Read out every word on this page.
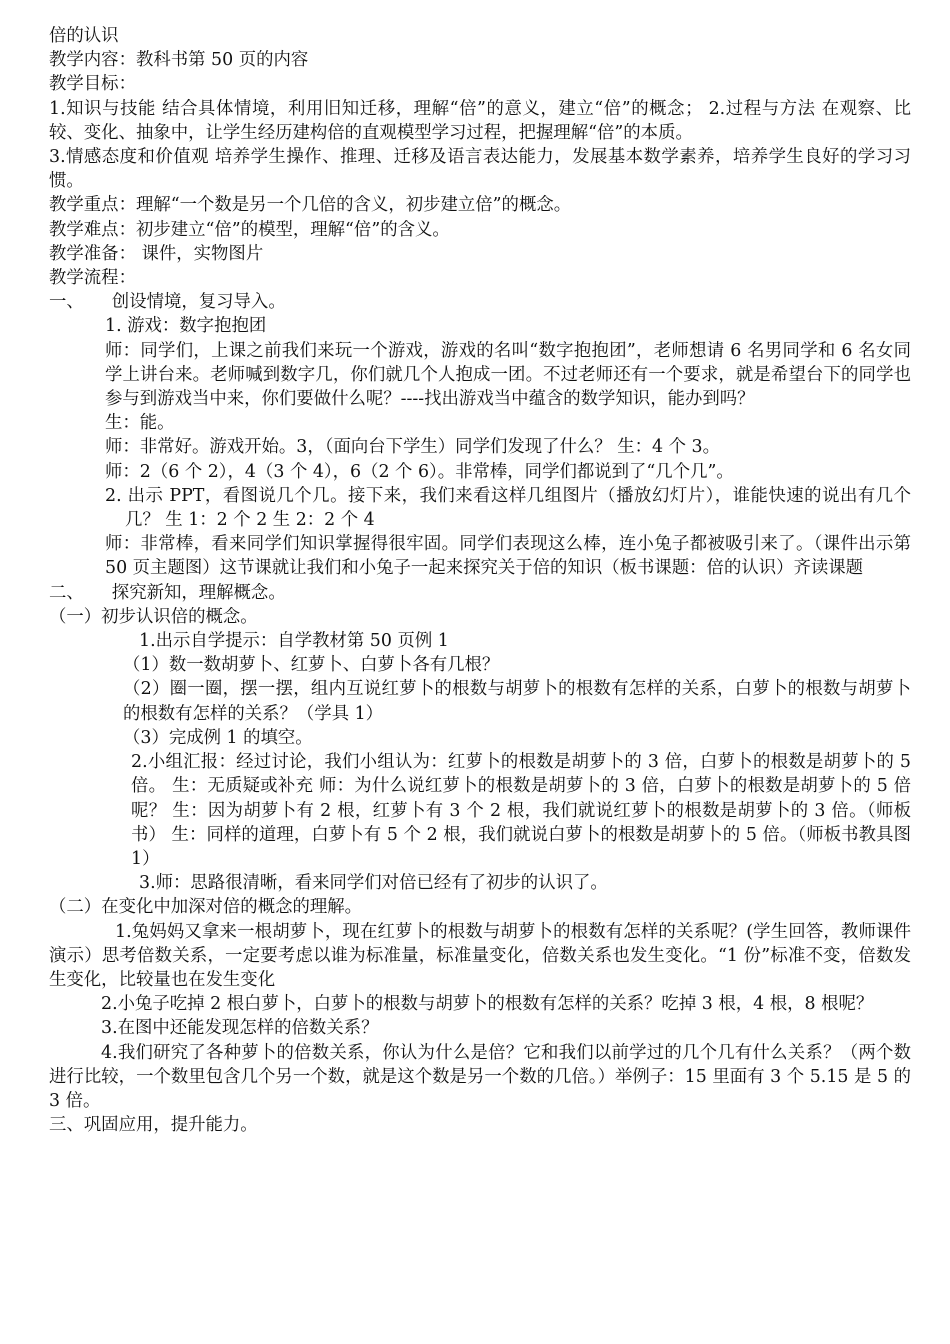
倍的认识

教学内容：教科书第 50 页的内容

教学目标：

1.知识与技能 结合具体情境，利用旧知迁移，理解“倍”的意义，建立“倍”的概念； 2.过程与方法 在观察、比较、变化、抽象中，让学生经历建构倍的直观模型学习过程，把握理解“倍”的本质。

3.情感态度和价值观 培养学生操作、推理、迁移及语言表达能力，发展基本数学素养，培养学生良好的学习习惯。

教学重点：理解“一个数是另一个几倍的含义，初步建立倍”的概念。

教学难点：初步建立“倍”的模型，理解“倍”的含义。

教学准备： 课件，实物图片

教学流程：

一、 创设情境，复习导入。

1. 游戏：数字抱抱团

师：同学们，上课之前我们来玩一个游戏，游戏的名叫“数字抱抱团”，老师想请 6 名男同学和 6 名女同学上讲台来。老师喊到数字几，你们就几个人抱成一团。不过老师还有一个要求，就是希望台下的同学也参与到游戏当中来，你们要做什么呢？----找出游戏当中蕴含的数学知识，能办到吗？

生：能。

师：非常好。游戏开始。3，（面向台下学生）同学们发现了什么？ 生：4 个 3。

师：2（6 个 2），4（3 个 4），6（2 个 6）。非常棒，同学们都说到了“几个几”。

2. 出示 PPT，看图说几个几。接下来，我们来看这样几组图片（播放幻灯片），谁能快速的说出有几个几？ 生 1：2 个 2 生 2：2 个 4

师：非常棒，看来同学们知识掌握得很牢固。同学们表现这么棒，连小兔子都被吸引来了。（课件出示第 50 页主题图）这节课就让我们和小兔子一起来探究关于倍的知识（板书课题：倍的认识）齐读课题

二、 探究新知，理解概念。

（一）初步认识倍的概念。

1.出示自学提示：自学教材第 50 页例 1

（1）数一数胡萝卜、红萝卜、白萝卜各有几根？

（2）圈一圈，摆一摆，组内互说红萝卜的根数与胡萝卜的根数有怎样的关系，白萝卜的根数与胡萝卜的根数有怎样的关系？（学具 1）

（3）完成例 1 的填空。

2.小组汇报：经过讨论，我们小组认为：红萝卜的根数是胡萝卜的 3 倍，白萝卜的根数是胡萝卜的 5 倍。 生：无质疑或补充 师：为什么说红萝卜的根数是胡萝卜的 3 倍，白萝卜的根数是胡萝卜的 5 倍呢？ 生：因为胡萝卜有 2 根，红萝卜有 3 个 2 根，我们就说红萝卜的根数是胡萝卜的 3 倍。（师板书） 生：同样的道理，白萝卜有 5 个 2 根，我们就说白萝卜的根数是胡萝卜的 5 倍。（师板书教具图 1）

3.师：思路很清晰，看来同学们对倍已经有了初步的认识了。

（二）在变化中加深对倍的概念的理解。

1.兔妈妈又拿来一根胡萝卜，现在红萝卜的根数与胡萝卜的根数有怎样的关系呢？(学生回答，教师课件演示）思考倍数关系，一定要考虑以谁为标准量，标准量变化，倍数关系也发生变化。“1 份”标准不变，倍数发生变化，比较量也在发生变化

2.小兔子吃掉 2 根白萝卜，白萝卜的根数与胡萝卜的根数有怎样的关系？吃掉 3 根，4 根，8 根呢？

3.在图中还能发现怎样的倍数关系？

4.我们研究了各种萝卜的倍数关系，你认为什么是倍？它和我们以前学过的几个几有什么关系？（两个数进行比较，一个数里包含几个另一个数，就是这个数是另一个数的几倍。）举例子：15 里面有 3 个 5.15 是 5 的 3 倍。

三、巩固应用，提升能力。
